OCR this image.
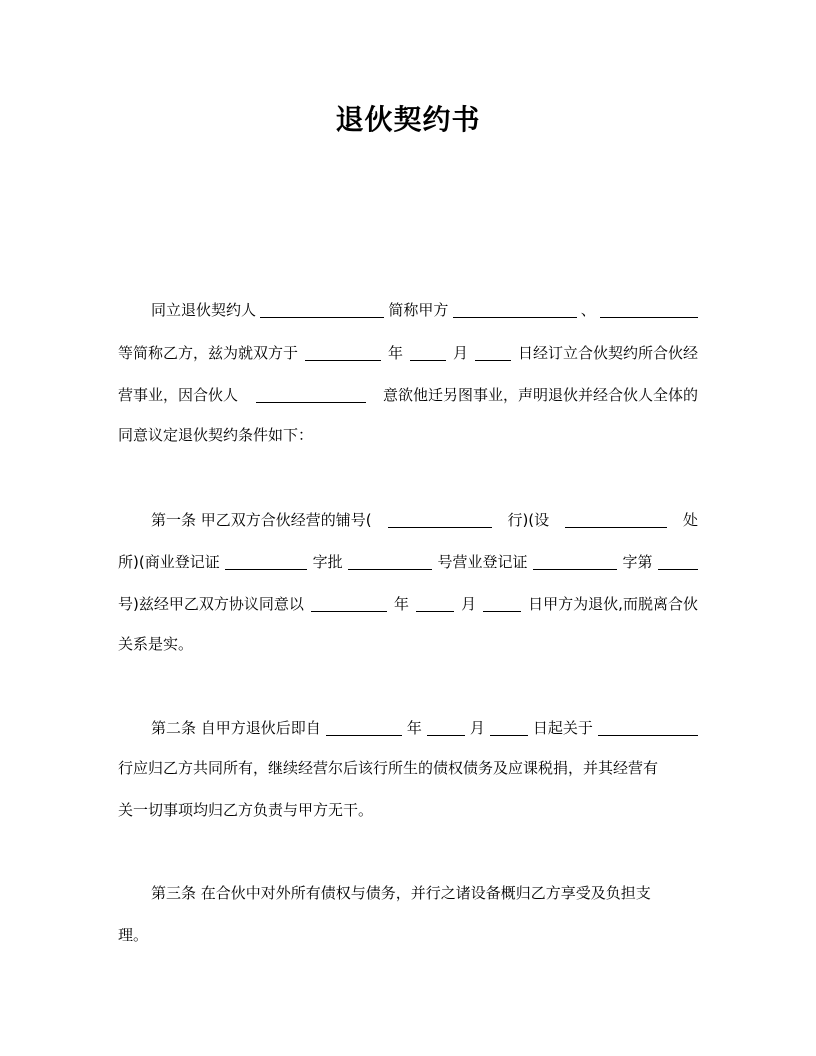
退伙契约书
同立退伙契约人	简称甲方	、
等简称乙方，兹为就双方于	年	月	日经订立合伙契约所合伙经
营事业，因合伙人	意欲他迁另图事业，声明退伙并经合伙人全体的
同意议定退伙契约条件如下：
第一条 甲乙双方合伙经营的铺号(	行)(设	处
所)(商业登记证	字批	号营业登记证	字第
号)兹经甲乙双方协议同意以	年	月	日甲方为退伙,而脱离合伙
关系是实。
第二条 自甲方退伙后即自	年	月	日起关于
行应归乙方共同所有，继续经营尔后该行所生的债权债务及应课税捐，并其经营有
关一切事项均归乙方负责与甲方无干。
第三条 在合伙中对外所有债权与债务，并行之诸设备概归乙方享受及负担支
理。
